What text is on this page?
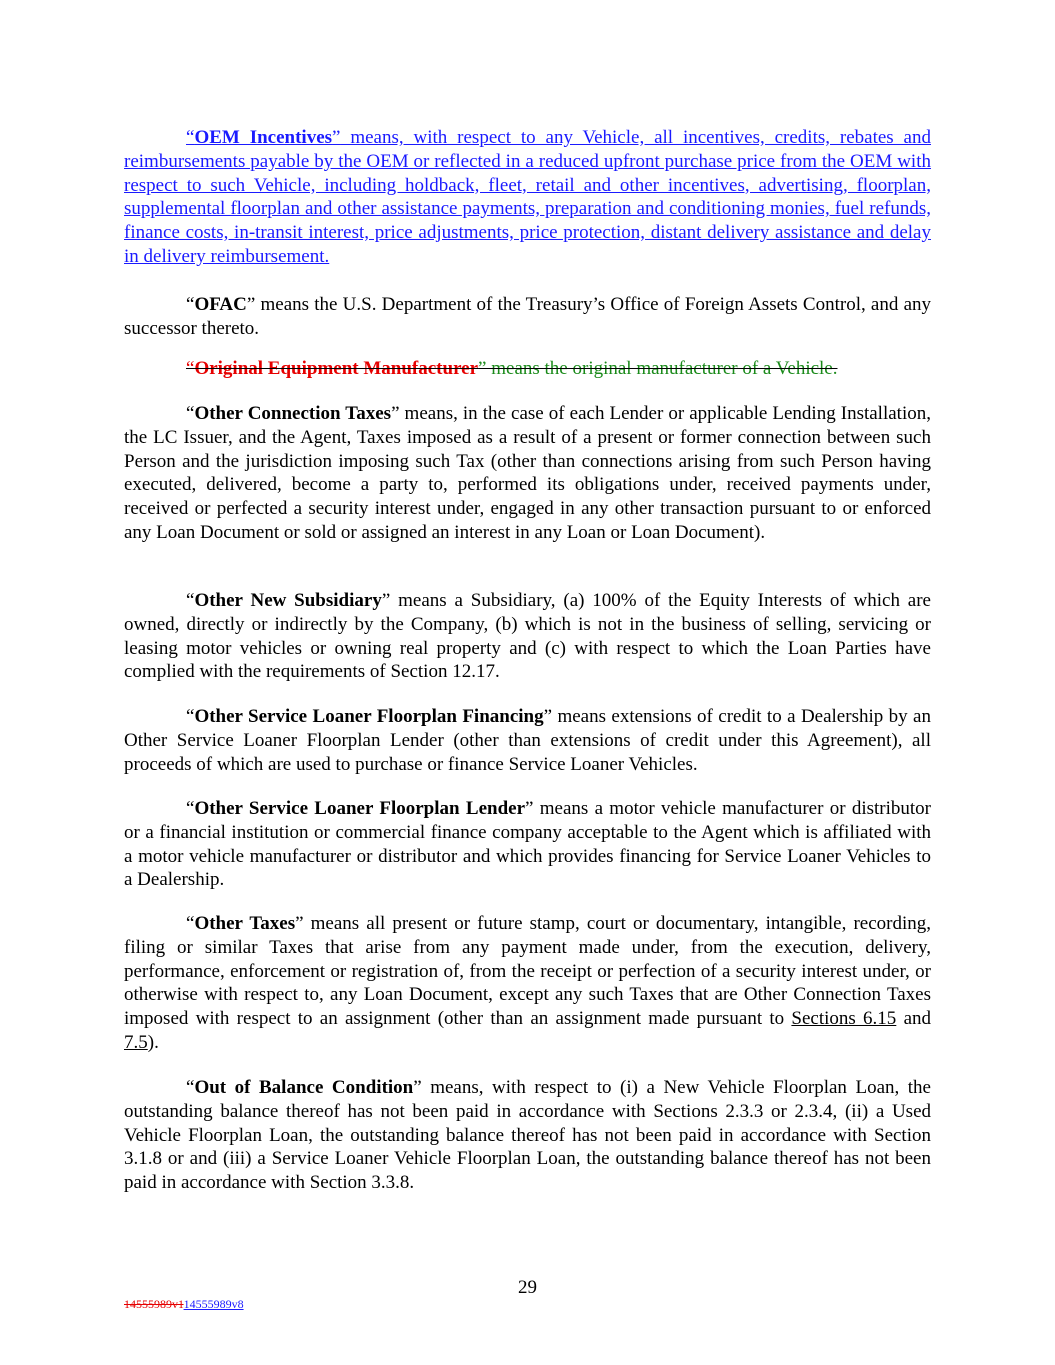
“OEM Incentives” means, with respect to any Vehicle, all incentives, credits, rebates and reimbursements payable by the OEM or reflected in a reduced upfront purchase price from the OEM with respect to such Vehicle, including holdback, fleet, retail and other incentives, advertising, floorplan, supplemental floorplan and other assistance payments, preparation and conditioning monies, fuel refunds, finance costs, in-transit interest, price adjustments, price protection, distant delivery assistance and delay in delivery reimbursement.

“OFAC” means the U.S. Department of the Treasury’s Office of Foreign Assets Control, and any successor thereto.

“Original Equipment Manufacturer” means the original manufacturer of a Vehicle.

“Other Connection Taxes” means, in the case of each Lender or applicable Lending Installation, the LC Issuer, and the Agent, Taxes imposed as a result of a present or former connection between such Person and the jurisdiction imposing such Tax (other than connections arising from such Person having executed, delivered, become a party to, performed its obligations under, received payments under, received or perfected a security interest under, engaged in any other transaction pursuant to or enforced any Loan Document or sold or assigned an interest in any Loan or Loan Document).

“Other New Subsidiary” means a Subsidiary, (a) 100% of the Equity Interests of which are owned, directly or indirectly by the Company, (b) which is not in the business of selling, servicing or leasing motor vehicles or owning real property and (c) with respect to which the Loan Parties have complied with the requirements of Section 12.17.

“Other Service Loaner Floorplan Financing” means extensions of credit to a Dealership by an Other Service Loaner Floorplan Lender (other than extensions of credit under this Agreement), all proceeds of which are used to purchase or finance Service Loaner Vehicles.

“Other Service Loaner Floorplan Lender” means a motor vehicle manufacturer or distributor or a financial institution or commercial finance company acceptable to the Agent which is affiliated with a motor vehicle manufacturer or distributor and which provides financing for Service Loaner Vehicles to a Dealership.

“Other Taxes” means all present or future stamp, court or documentary, intangible, recording, filing or similar Taxes that arise from any payment made under, from the execution, delivery, performance, enforcement or registration of, from the receipt or perfection of a security interest under, or otherwise with respect to, any Loan Document, except any such Taxes that are Other Connection Taxes imposed with respect to an assignment (other than an assignment made pursuant to Sections 6.15 and 7.5).

“Out of Balance Condition” means, with respect to (i) a New Vehicle Floorplan Loan, the outstanding balance thereof has not been paid in accordance with Sections 2.3.3 or 2.3.4, (ii) a Used Vehicle Floorplan Loan, the outstanding balance thereof has not been paid in accordance with Section 3.1.8 or and (iii) a Service Loaner Vehicle Floorplan Loan, the outstanding balance thereof has not been paid in accordance with Section 3.3.8.

29
14555989v114555989v8
